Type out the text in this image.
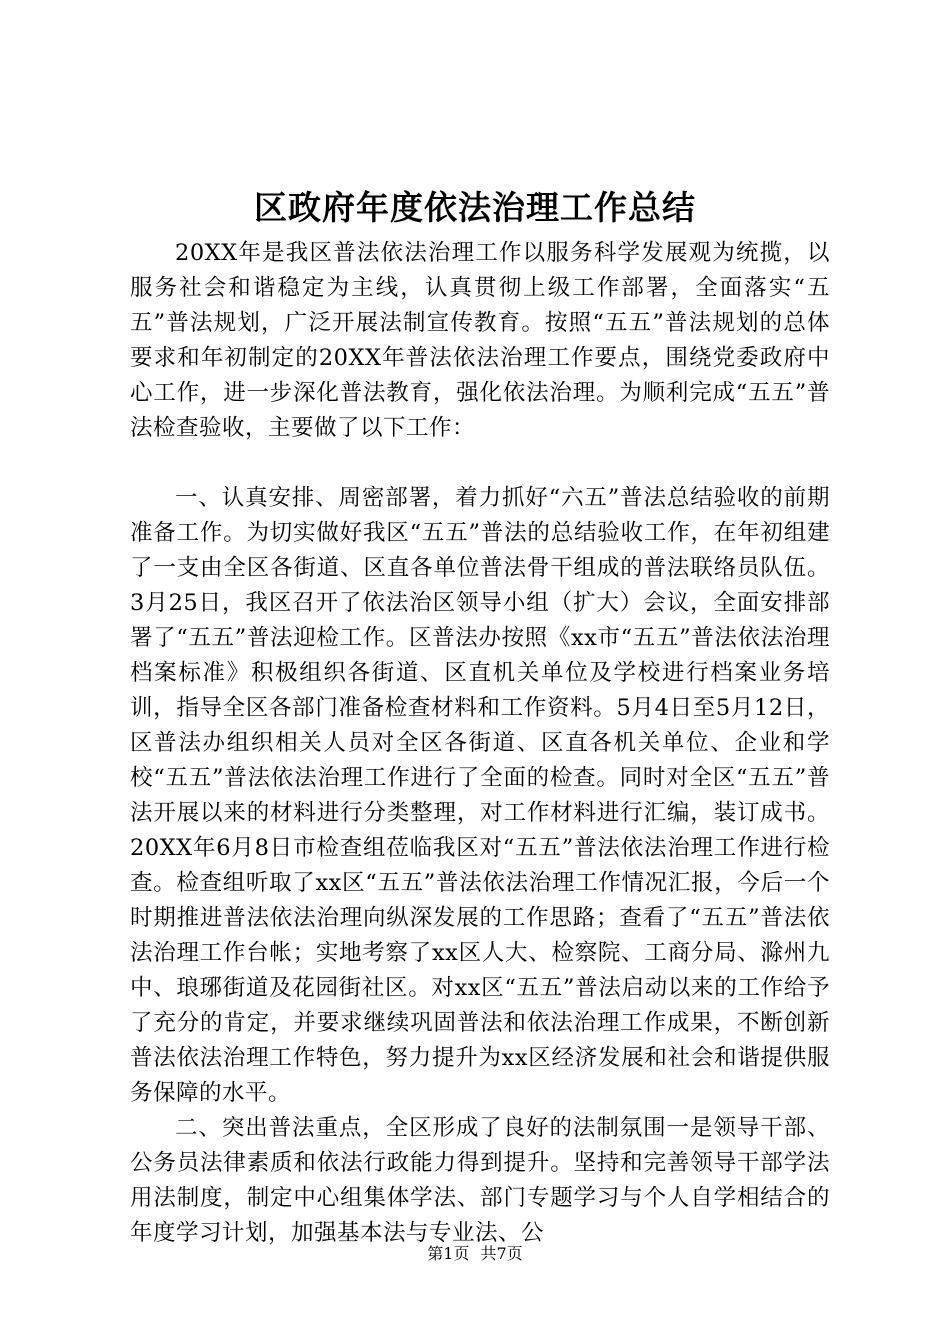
区政府年度依法治理工作总结

20XX年是我区普法依法治理工作以服务科学发展观为统揽，以服务社会和谐稳定为主线，认真贯彻上级工作部署，全面落实“五五”普法规划，广泛开展法制宣传教育。按照“五五”普法规划的总体要求和年初制定的20XX年普法依法治理工作要点，围绕党委政府中心工作，进一步深化普法教育，强化依法治理。为顺利完成“五五”普法检查验收，主要做了以下工作：

一、认真安排、周密部署，着力抓好“六五”普法总结验收的前期准备工作。为切实做好我区“五五”普法的总结验收工作，在年初组建了一支由全区各街道、区直各单位普法骨干组成的普法联络员队伍。3月25日，我区召开了依法治区领导小组（扩大）会议，全面安排部署了“五五”普法迎检工作。区普法办按照《xx市“五五”普法依法治理档案标准》积极组织各街道、区直机关单位及学校进行档案业务培训，指导全区各部门准备检查材料和工作资料。5月4日至5月12日，区普法办组织相关人员对全区各街道、区直各机关单位、企业和学校“五五”普法依法治理工作进行了全面的检查。同时对全区“五五”普法开展以来的材料进行分类整理，对工作材料进行汇编，装订成书。20XX年6月8日市检查组莅临我区对“五五”普法依法治理工作进行检查。检查组听取了xx区“五五”普法依法治理工作情况汇报，今后一个时期推进普法依法治理向纵深发展的工作思路；查看了“五五”普法依法治理工作台帐；实地考察了xx区人大、检察院、工商分局、滁州九中、琅琊街道及花园街社区。对xx区“五五”普法启动以来的工作给予了充分的肯定，并要求继续巩固普法和依法治理工作成果，不断创新普法依法治理工作特色，努力提升为xx区经济发展和社会和谐提供服务保障的水平。

二、突出普法重点，全区形成了良好的法制氛围一是领导干部、公务员法律素质和依法行政能力得到提升。坚持和完善领导干部学法用法制度，制定中心组集体学法、部门专题学习与个人自学相结合的年度学习计划，加强基本法与专业法、公

第1页 共7页
